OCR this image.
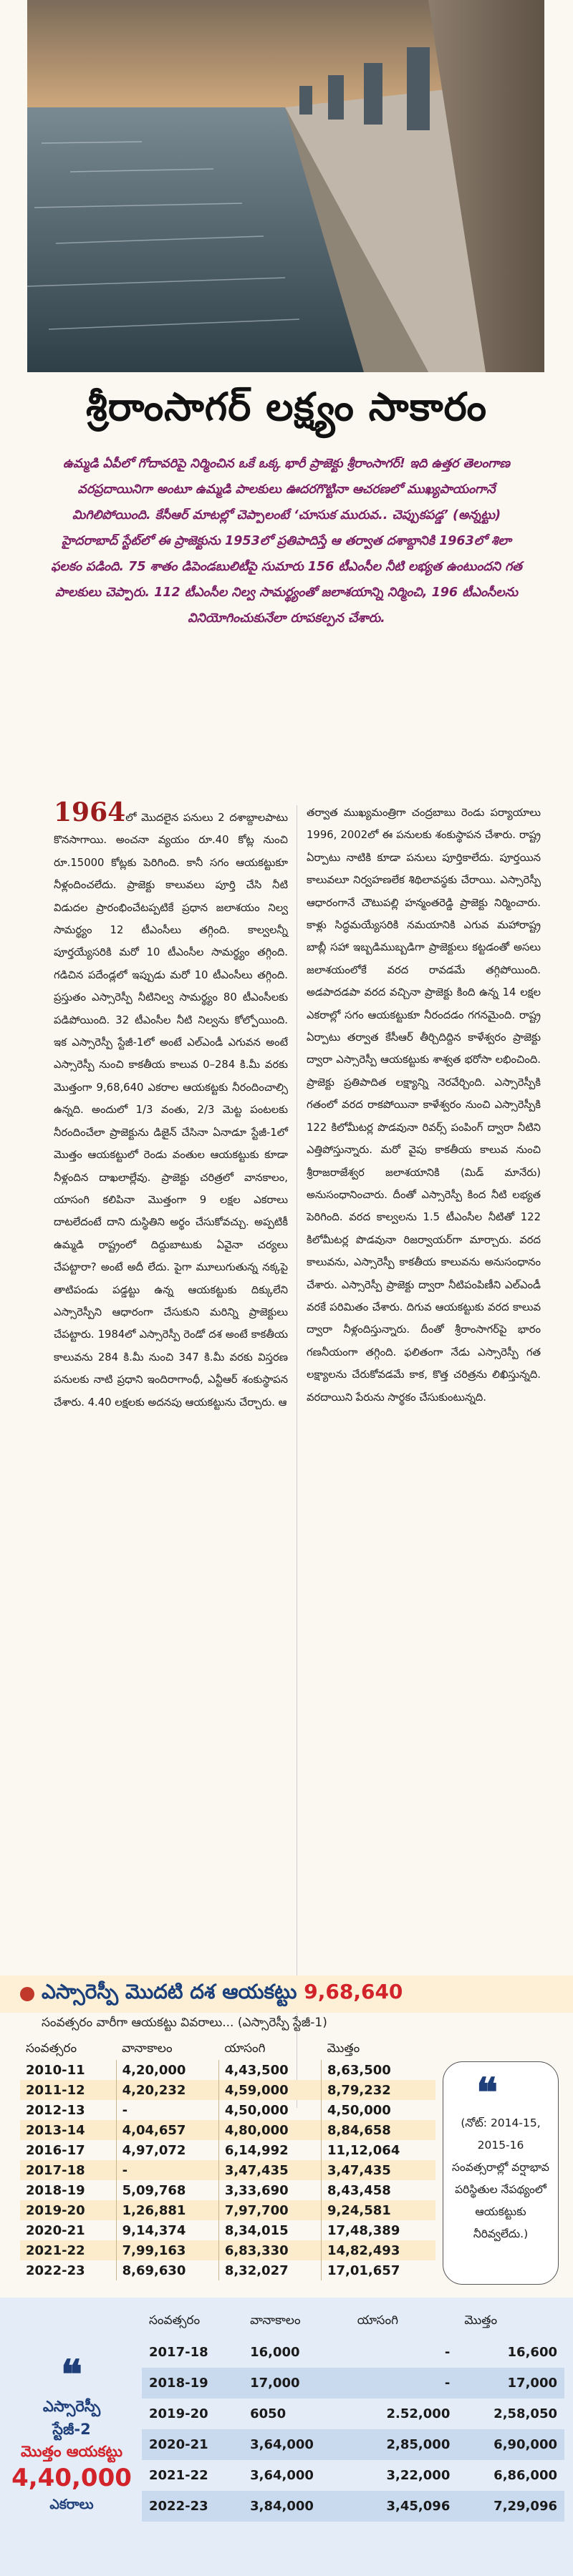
శ్రీరాంసాగర్ లక్ష్యం సాకారం

ఉమ్మడి ఏపీలో గోదావరిపై నిర్మించిన ఒకే ఒక్క భారీ ప్రాజెక్టు శ్రీరాంసాగర్! ఇది ఉత్తర తెలంగాణ వరప్రదాయినిగా అంటూ ఉమ్మడి పాలకులు ఊదరగొట్టినా ఆచరణలో ముఖ్యపాయంగానే మిగిలిపోయింది. కేసీఆర్ మాటల్లో చెప్పాలంటే ‘చూసుక మురువ.. చెప్పుకపడ్డ’ (అన్నట్టు) హైదరాబాద్ స్టేట్‌లో ఈ ప్రాజెక్టును 1953లో ప్రతిపాదిస్తే ఆ తర్వాత దశాబ్దానికి 1963లో శిలా ఫలకం పడింది. 75 శాతం డిపెండబులిటీపై సుమారు 156 టీఎంసీల నీటి లభ్యత ఉంటుందని గత పాలకులు చెప్పారు. 112 టీఎంసీల నిల్వ సామర్థ్యంతో జలాశయాన్ని నిర్మించి, 196 టీఎంసీలను వినియోగించుకునేలా రూపకల్పన చేశారు.

1964లో మొదలైన పనులు 2 దశాబ్దాలపాటు కొనసాగాయి. అంచనా వ్యయం రూ.40 కోట్ల నుంచి రూ.15000 కోట్లకు పెరిగింది. కానీ సగం ఆయకట్టుకూ నీళ్లందించలేదు. ప్రాజెక్టు కాలువలు పూర్తి చేసి నీటి విడుదల ప్రారంభించేటప్పటికే ప్రధాన జలాశయం నిల్వ సామర్థ్యం 12 టీఎంసీలు తగ్గింది. కాల్వలన్నీ పూర్తయ్యేసరికి మరో 10 టీఎంసీల సామర్థ్యం తగ్గింది. గడిచిన పదేండ్లలో ఇప్పుడు మరో 10 టీఎంసీలు తగ్గింది. ప్రస్తుతం ఎస్సారెస్పీ నీటినిల్వ సామర్థ్యం 80 టీఎంసీలకు పడిపోయింది. 32 టీఎంసీల నీటి నిల్వను కోల్పోయింది. ఇక ఎస్సారెస్పీ స్టేజీ-1లో అంటే ఎల్ఎండీ ఎగువన అంటే ఎస్సారెస్పీ నుంచి కాకతీయ కాలువ 0–284 కి.మీ వరకు మొత్తంగా 9,68,640 ఎకరాల ఆయకట్టకు నీరందించాల్సి ఉన్నది. అందులో 1/3 వంతు, 2/3 మెట్ట పంటలకు నీరందించేలా ప్రాజెక్టును డిజైన్ చేసినా ఏనాడూ స్టేజీ-1లో మొత్తం ఆయకట్టులో రెండు వంతుల ఆయకట్టుకు కూడా నీళ్లందిన దాఖలాల్లేవు. ప్రాజెక్టు చరిత్రలో వానకాలం, యాసంగి కలిపినా మొత్తంగా 9 లక్షల ఎకరాలు దాటలేదంటే దాని దుస్థితిని అర్థం చేసుకోవచ్చు. అప్పటికీ ఉమ్మడి రాష్ట్రంలో దిద్దుబాటుకు ఏవైనా చర్యలు చేపట్టారా? అంటే అదీ లేదు. పైగా మూలుగుతున్న నక్కపై తాటిపండు పడ్డట్టు ఉన్న ఆయకట్టుకు దిక్కులేని ఎస్సారెస్పీని ఆధారంగా చేసుకుని మరిన్ని ప్రాజెక్టులు చేపట్టారు. 1984లో ఎస్సారెస్పీ రెండో దశ అంటే కాకతీయ కాలువను 284 కి.మీ నుంచి 347 కి.మీ వరకు విస్తరణ పనులకు నాటి ప్రధాని ఇందిరాగాంధీ, ఎన్టీఆర్ శంకుస్థాపన చేశారు. 4.40 లక్షలకు అదనపు ఆయకట్టును చేర్చారు. ఆ

తర్వాత ముఖ్యమంత్రిగా చంద్రబాబు రెండు పర్యాయాలు 1996, 2002లో ఈ పనులకు శంకుస్థాపన చేశారు. రాష్ట్ర ఏర్పాటు నాటికి కూడా పనులు పూర్తికాలేదు. పూర్తయిన కాలువలూ నిర్వహణలేక శిథిలావస్థకు చేరాయి. ఎస్సారెస్పీ ఆధారంగానే చౌటుపల్లి హన్మంతరెడ్డి ప్రాజెక్టు నిర్మించారు. కాళ్లు సిద్ధమయ్యేసరికి నమయానికి ఎగువ మహారాష్ట్ర బాబ్లీ సహా ఇబ్బడిముబ్బడిగా ప్రాజెక్టులు కట్టడంతో అసలు జలాశయంలోకే వరద రావడమే తగ్గిపోయింది. అడపాదడపా వరద వచ్చినా ప్రాజెక్టు కింది ఉన్న 14 లక్షల ఎకరాల్లో సగం ఆయకట్టుకూ నీరందడం గగనమైంది. రాష్ట్ర ఏర్పాటు తర్వాత కేసీఆర్ తీర్చిదిద్దిన కాళేశ్వరం ప్రాజెక్టు ద్వారా ఎస్సారెస్పీ ఆయకట్టుకు శాశ్వత భరోసా లభించింది. ప్రాజెక్టు ప్రతిపాదిత లక్ష్యాన్ని నెరవేర్చింది. ఎస్సారెస్పీకి గతంలో వరద రాకపోయినా కాళేశ్వరం నుంచి ఎస్సారెస్పీకి 122 కిలోమీటర్ల పొడవునా రివర్స్ పంపింగ్ ద్వారా నీటిని ఎత్తిపోస్తున్నారు. మరో వైపు కాకతీయ కాలువ నుంచి శ్రీరాజరాజేశ్వర జలాశయానికి (మిడ్ మానేరు) అనుసంధానించారు. దీంతో ఎస్సారెస్పీ కింద నీటి లభ్యత పెరిగింది. వరద కాల్వలను 1.5 టీఎంసీల నీటితో 122 కిలోమీటర్ల పొడవునా రిజర్వాయర్‌గా మార్చారు. వరద కాలువను, ఎస్సారెస్పీ కాకతీయ కాలువను అనుసంధానం చేశారు. ఎస్సారెస్పీ ప్రాజెక్టు ద్వారా నీటిపంపిణీని ఎల్ఎండీ వరకే పరిమితం చేశారు. దిగువ ఆయకట్టుకు వరద కాలువ ద్వారా నీళ్లందిస్తున్నారు. దీంతో శ్రీరాంసాగర్‌పై భారం గణనీయంగా తగ్గింది. ఫలితంగా నేడు ఎస్సారెస్పీ గత లక్ష్యాలను చేరుకోవడమే కాక, కొత్త చరిత్రను లిఖిస్తున్నది. వరదాయిని పేరును సార్థకం చేసుకుంటున్నది.

ఎస్సారెస్పీ మొదటి దశ ఆయకట్టు 9,68,640
సంవత్సరం వారీగా ఆయకట్టు వివరాలు... (ఎస్సారెస్పీ స్టేజీ-1)
సంవత్సరం	వానాకాలం	యాసంగి	మొత్తం
2010-11	4,20,000	4,43,500	8,63,500
2011-12	4,20,232	4,59,000	8,79,232
2012-13	-	4,50,000	4,50,000
2013-14	4,04,657	4,80,000	8,84,658
2016-17	4,97,072	6,14,992	11,12,064
2017-18	-	3,47,435	3,47,435
2018-19	5,09,768	3,33,690	8,43,458
2019-20	1,26,881	7,97,700	9,24,581
2020-21	9,14,374	8,34,015	17,48,389
2021-22	7,99,163	6,83,330	14,82,493
2022-23	8,69,630	8,32,027	17,01,657
❝
(నోట్: 2014-15, 2015-16 సంవత్సరాల్లో వర్షాభావ పరిస్థితుల నేపథ్యంలో ఆయకట్టుకు నీరివ్వలేదు.)
❝
ఎస్సారెస్పీ
స్టేజీ-2
మొత్తం ఆయకట్టు
4,40,000
ఎకరాలు
సంవత్సరం	వానాకాలం	యాసంగి	మొత్తం
2017-18	16,000	-	16,600
2018-19	17,000	-	17,000
2019-20	6050	2.52,000	2,58,050
2020-21	3,64,000	2,85,000	6,90,000
2021-22	3,64,000	3,22,000	6,86,000
2022-23	3,84,000	3,45,096	7,29,096
